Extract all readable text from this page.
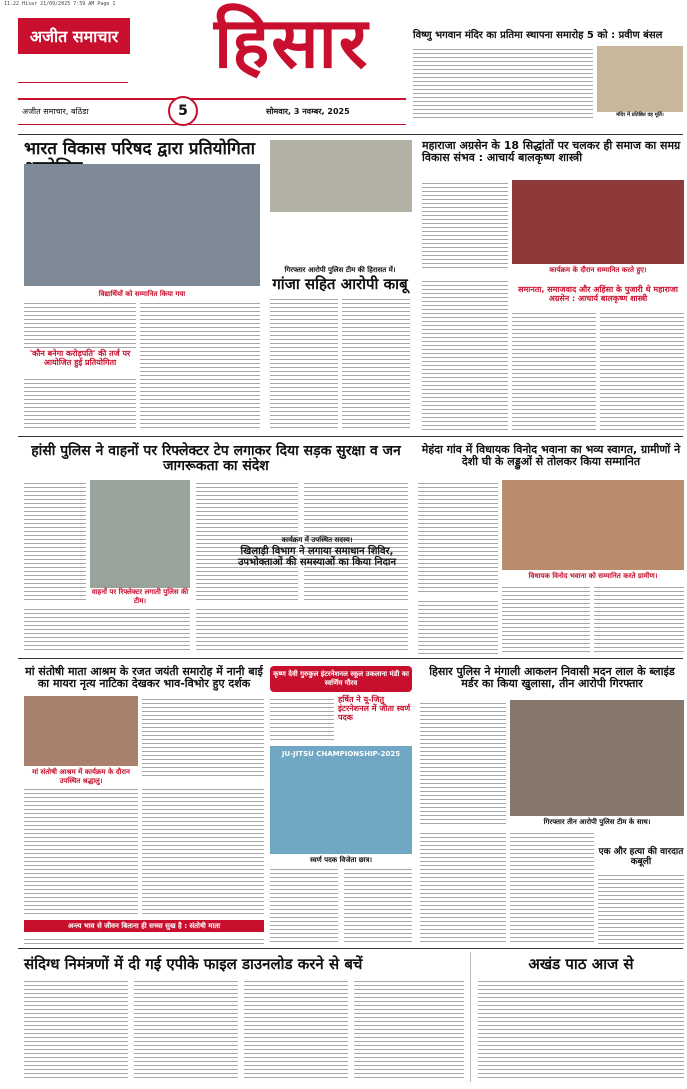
11.22 Hisar 21/09/2025 7:59 AM Page 1
अजीत समाचार हिसार
अजीत समाचार, बठिंडा	5	सोमवार, 3 नवम्बर, 2025
विष्णु भगवान मंदिर का प्रतिमा स्थापना समारोह 5 को : प्रवीण बंसल
मंदिर में प्रतिष्ठित वह मूर्ति।
भारत विकास परिषद द्वारा प्रतियोगिता
विद्यार्थियों को सम्मानित किया गया
'कौन बनेगा करोड़पति' की तर्ज पर आयोजित हुई प्रतियोगिता
गिरफ्तार आरोपी पुलिस टीम की हिरासत में।
गांजा सहित आरोपी काबू
महाराजा अग्रसेन के 18 सिद्धांतों पर चलकर ही समाज का समग्र विकास संभव : आचार्य बालकृष्ण शास्त्री
कार्यक्रम के दौरान सम्मानित करते हुए।
समानता, समाजवाद और अहिंसा के पुजारी थे महाराजा अग्रसेन : आचार्य बालकृष्ण शास्त्री
हांसी पुलिस ने वाहनों पर रिफ्लेक्टर टेप लगाकर दिया सड़क सुरक्षा व जन जागरूकता का संदेश
वाहनों पर रिफ्लेक्टर लगाती पुलिस की टीम।
मेहंदा गांव में विधायक विनोद भवाना का भव्य स्वागत, ग्रामीणों ने देशी घी के लड्डुओं से तोलकर किया सम्मानित
विधायक विनोद भवाना को सम्मानित करते ग्रामीण।
कार्यक्रम में उपस्थित सदस्य।
खिलाड़ी विभाग ने लगाया समाधान शिविर, उपभोक्ताओं की समस्याओं का किया निदान
मां संतोषी माता आश्रम के रजत जयंती समारोह में नानी बाई का मायरा नृत्य नाटिका देखकर भाव-विभोर हुए दर्शक
मां संतोषी आश्रम में कार्यक्रम के दौरान उपस्थित श्रद्धालु।
अन्त्य भाव से जीवन बिताना ही सच्चा सुख है : संतोषी माता
कृष्ण देवी गुरुकुल इंटरनेशनल स्कूल उकलाना मंडी का स्वर्णिम गौरव
हर्षित ने यू-जितु इंटरनेशनल में जीता स्वर्ण पदक
JU-JITSU CHAMPIONSHIP-2025
स्वर्ण पदक विजेता छात्र।
हिसार पुलिस ने मंगाली आकलन निवासी मदन लाल के ब्लाइंड मर्डर का किया खुलासा, तीन आरोपी गिरफ्तार
गिरफ्तार तीन आरोपी पुलिस टीम के साथ।
एक और हत्या की वारदात कबूली
संदिग्ध निमंत्रणों में दी गई एपीके फाइल डाउनलोड करने से बचें	अखंड पाठ आज से
